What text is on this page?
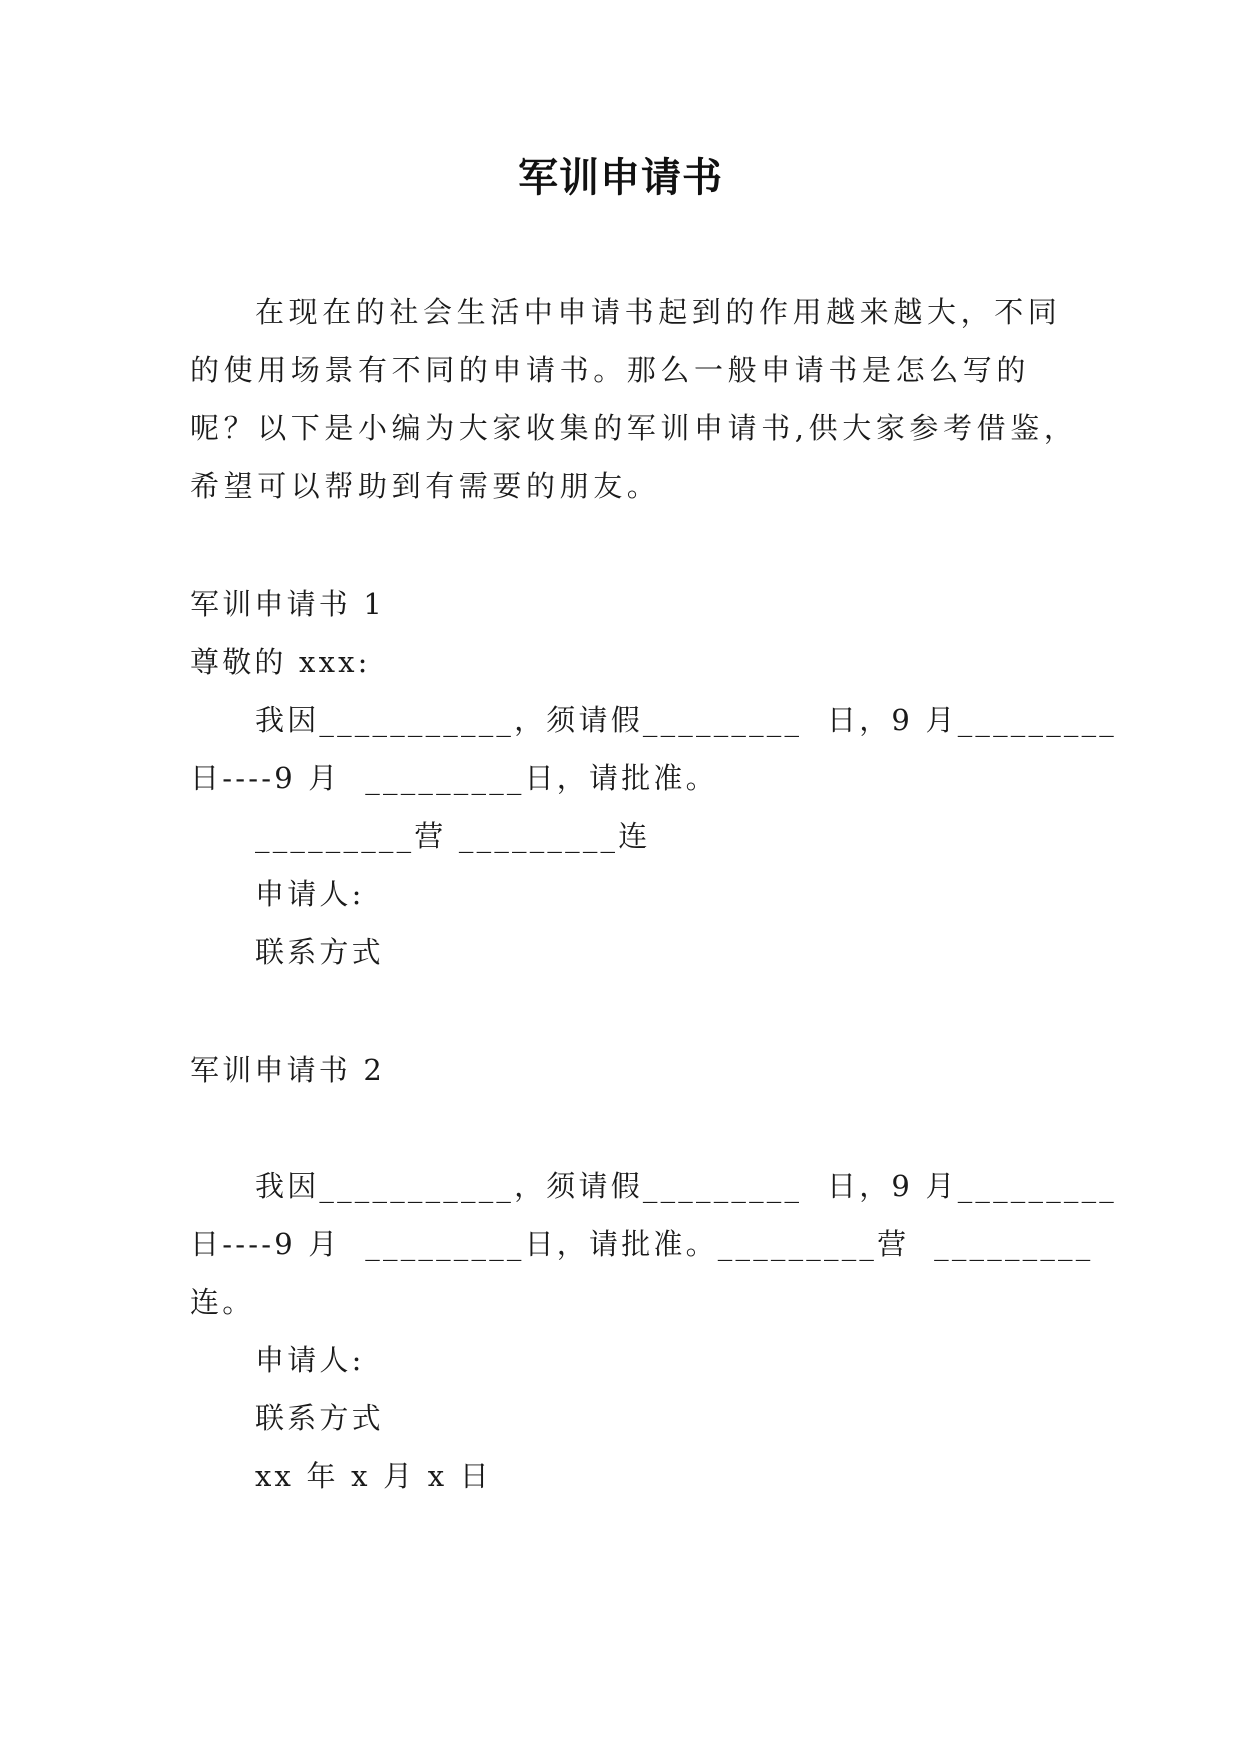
军训申请书
在现在的社会生活中申请书起到的作用越来越大，不同
的使用场景有不同的申请书。那么一般申请书是怎么写的
呢？以下是小编为大家收集的军训申请书,供大家参考借鉴，
希望可以帮助到有需要的朋友。
军训申请书 1
尊敬的 xxx:
我因___________，须请假_________  日，9 月_________
日----9 月  _________日，请批准。
_________营 _________连
申请人:
联系方式
军训申请书 2
我因___________，须请假_________  日，9 月_________
日----9 月  _________日，请批准。_________营  _________
连。
申请人:
联系方式
xx 年 x 月 x 日
